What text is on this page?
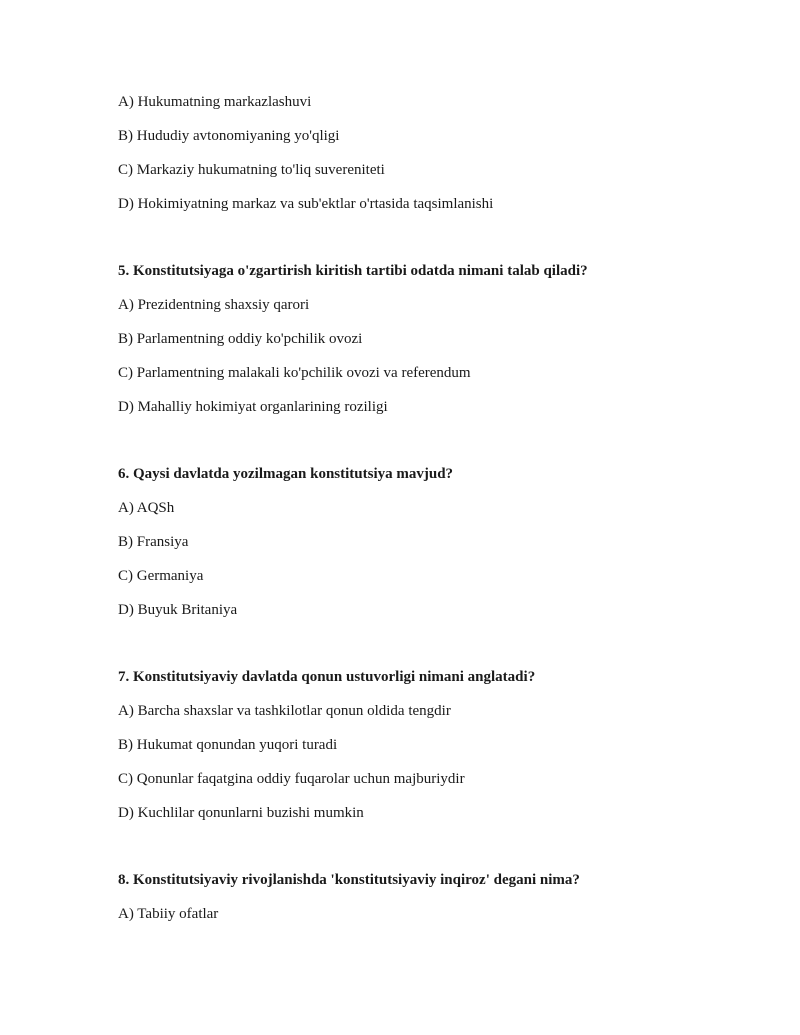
A) Hukumatning markazlashuvi

B) Hududiy avtonomiyaning yo'qligi

C) Markaziy hukumatning to'liq suvereniteti

D) Hokimiyatning markaz va sub'ektlar o'rtasida taqsimlanishi

5. Konstitutsiyaga o'zgartirish kiritish tartibi odatda nimani talab qiladi?

A) Prezidentning shaxsiy qarori

B) Parlamentning oddiy ko'pchilik ovozi

C) Parlamentning malakali ko'pchilik ovozi va referendum

D) Mahalliy hokimiyat organlarining roziligi

6. Qaysi davlatda yozilmagan konstitutsiya mavjud?

A) AQSh

B) Fransiya

C) Germaniya

D) Buyuk Britaniya

7. Konstitutsiyaviy davlatda qonun ustuvorligi nimani anglatadi?

A) Barcha shaxslar va tashkilotlar qonun oldida tengdir

B) Hukumat qonundan yuqori turadi

C) Qonunlar faqatgina oddiy fuqarolar uchun majburiydir

D) Kuchlilar qonunlarni buzishi mumkin

8. Konstitutsiyaviy rivojlanishda 'konstitutsiyaviy inqiroz' degani nima?

A) Tabiiy ofatlar
